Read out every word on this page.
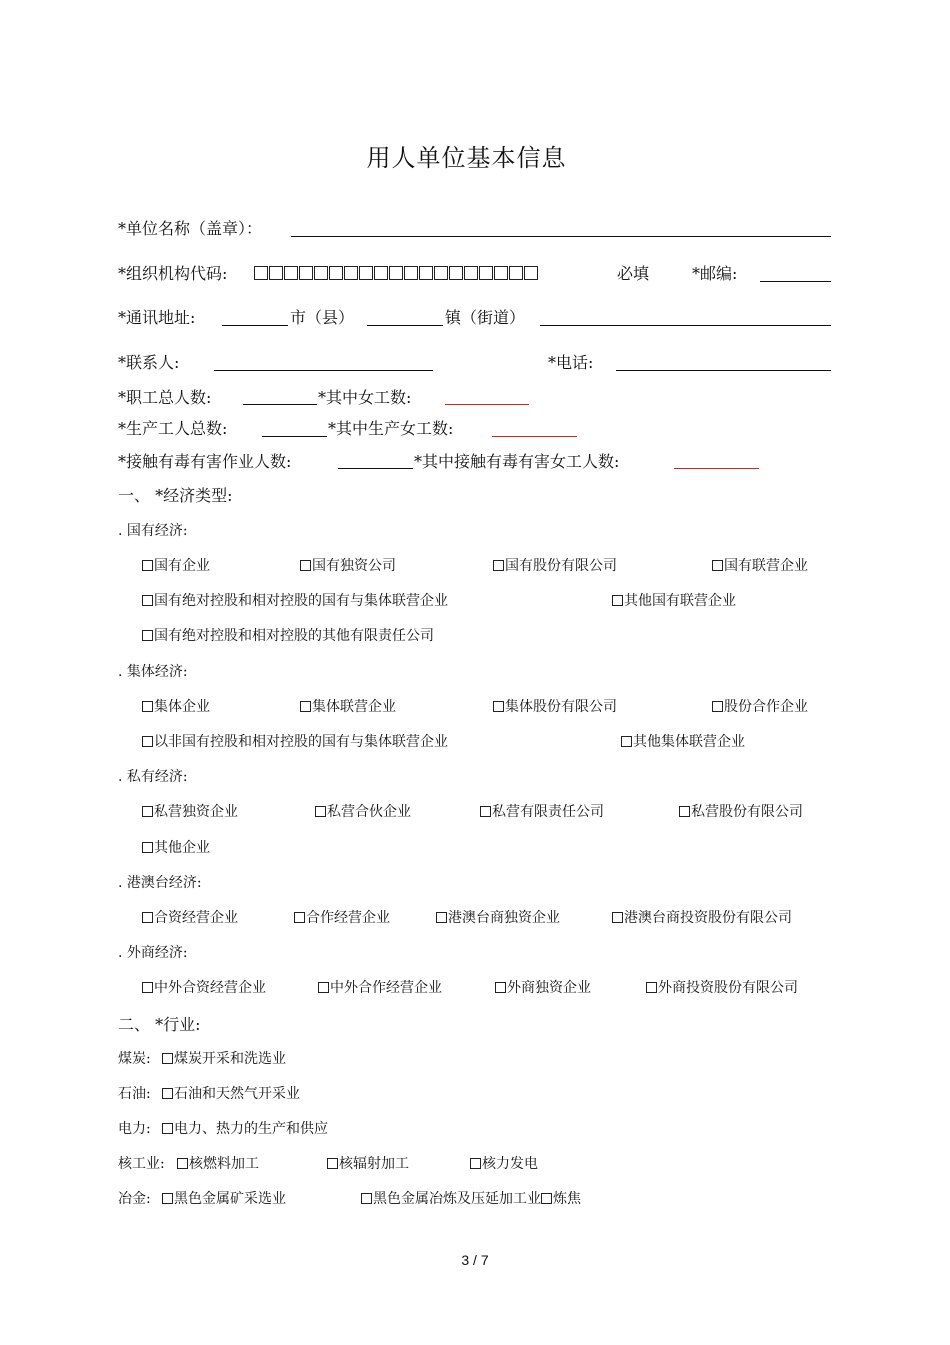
用人单位基本信息
*单位名称（盖章）：
*组织机构代码:	必填	*邮编:
*通讯地址:	市（县）	镇（街道）
*联系人:	*电话:
*职工总人数:	*其中女工数:
*生产工人总数:	*其中生产女工数:
*接触有毒有害作业人数:	*其中接触有毒有害女工人数:
一、 *经济类型:
. 国有经济:
国有企业	国有独资公司	国有股份有限公司	国有联营企业
国有绝对控股和相对控股的国有与集体联营企业	其他国有联营企业
国有绝对控股和相对控股的其他有限责任公司
. 集体经济:
集体企业	集体联营企业	集体股份有限公司	股份合作企业
以非国有控股和相对控股的国有与集体联营企业	其他集体联营企业
. 私有经济:
私营独资企业	私营合伙企业	私营有限责任公司	私营股份有限公司
其他企业
. 港澳台经济:
合资经营企业	合作经营企业	港澳台商独资企业	港澳台商投资股份有限公司
. 外商经济:
中外合资经营企业	中外合作经营企业	外商独资企业	外商投资股份有限公司
二、 *行业:
煤炭:	煤炭开采和洗选业
石油:	石油和天然气开采业
电力:	电力、热力的生产和供应
核工业:	核燃料加工	核辐射加工	核力发电
冶金:	黑色金属矿采选业	黑色金属冶炼及压延加工业 炼焦
3 / 7
